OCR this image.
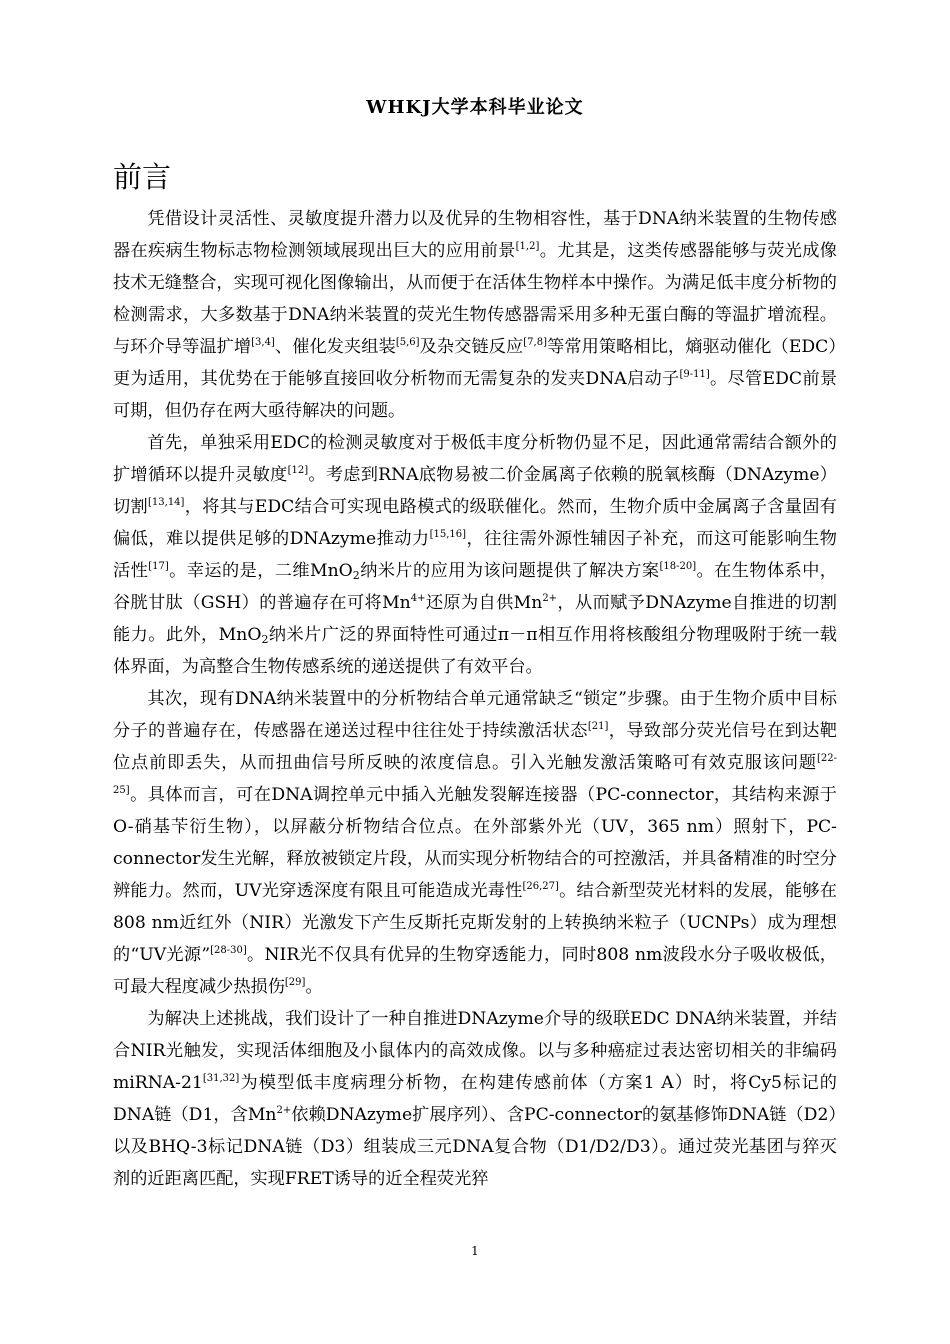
WHKJ大学本科毕业论文
前言

凭借设计灵活性、灵敏度提升潜力以及优异的生物相容性，基于DNA纳米装置的生物传感器在疾病生物标志物检测领域展现出巨大的应用前景[1,2]。尤其是，这类传感器能够与荧光成像技术无缝整合，实现可视化图像输出，从而便于在活体生物样本中操作。为满足低丰度分析物的检测需求，大多数基于DNA纳米装置的荧光生物传感器需采用多种无蛋白酶的等温扩增流程。与环介导等温扩增[3,4]、催化发夹组装[5,6]及杂交链反应[7,8]等常用策略相比，熵驱动催化（EDC）更为适用，其优势在于能够直接回收分析物而无需复杂的发夹DNA启动子[9-11]。尽管EDC前景可期，但仍存在两大亟待解决的问题。

首先，单独采用EDC的检测灵敏度对于极低丰度分析物仍显不足，因此通常需结合额外的扩增循环以提升灵敏度[12]。考虑到RNA底物易被二价金属离子依赖的脱氧核酶（DNAzyme）切割[13,14]，将其与EDC结合可实现电路模式的级联催化。然而，生物介质中金属离子含量固有偏低，难以提供足够的DNAzyme推动力[15,16]，往往需外源性辅因子补充，而这可能影响生物活性[17]。幸运的是，二维MnO$_2$纳米片的应用为该问题提供了解决方案[18-20]。在生物体系中，谷胱甘肽（GSH）的普遍存在可将$Mn^{4+}$还原为自供$Mn^{2+}$，从而赋予DNAzyme自推进的切割能力。此外，MnO$_2$纳米片广泛的界面特性可通过π－π相互作用将核酸组分物理吸附于统一载体界面，为高整合生物传感系统的递送提供了有效平台。

其次，现有DNA纳米装置中的分析物结合单元通常缺乏“锁定”步骤。由于生物介质中目标分子的普遍存在，传感器在递送过程中往往处于持续激活状态[21]，导致部分荧光信号在到达靶位点前即丢失，从而扭曲信号所反映的浓度信息。引入光触发激活策略可有效克服该问题[22-25]。具体而言，可在DNA调控单元中插入光触发裂解连接器（PC-connector，其结构来源于O-硝基苄衍生物），以屏蔽分析物结合位点。在外部紫外光（UV，365 nm）照射下，PC-connector发生光解，释放被锁定片段，从而实现分析物结合的可控激活，并具备精准的时空分辨能力。然而，UV光穿透深度有限且可能造成光毒性[26,27]。结合新型荧光材料的发展，能够在808 nm近红外（NIR）光激发下产生反斯托克斯发射的上转换纳米粒子（UCNPs）成为理想的“UV光源”[28-30]。NIR光不仅具有优异的生物穿透能力，同时808 nm波段水分子吸收极低，可最大程度减少热损伤[29]。

为解决上述挑战，我们设计了一种自推进DNAzyme介导的级联EDC DNA纳米装置，并结合NIR光触发，实现活体细胞及小鼠体内的高效成像。以与多种癌症过表达密切相关的非编码miRNA-21[31,32]为模型低丰度病理分析物，在构建传感前体（方案1 A）时，将Cy5标记的DNA链（D1，含$Mn^{2+}$依赖DNAzyme扩展序列）、含PC-connector的氨基修饰DNA链（D2）以及BHQ-3标记DNA链（D3）组装成三元DNA复合物（D1/D2/D3）。通过荧光基团与猝灭剂的近距离匹配，实现FRET诱导的近全程荧光猝

1
